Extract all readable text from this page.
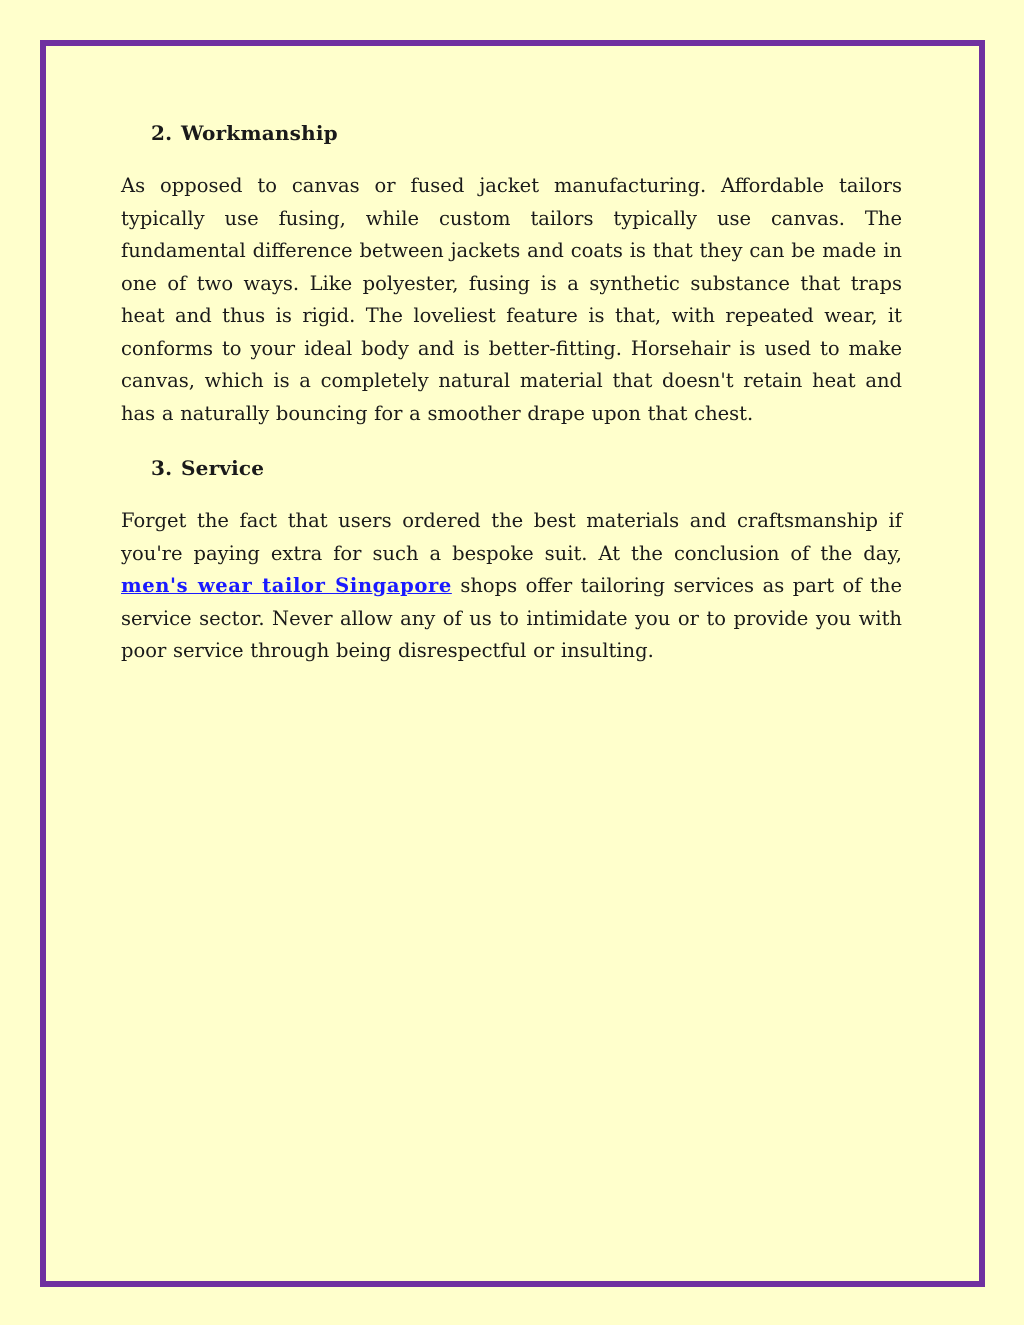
2. Workmanship

As opposed to canvas or fused jacket manufacturing. Affordable tailors typically use fusing, while custom tailors typically use canvas. The fundamental difference between jackets and coats is that they can be made in one of two ways. Like polyester, fusing is a synthetic substance that traps heat and thus is rigid. The loveliest feature is that, with repeated wear, it conforms to your ideal body and is better-fitting. Horsehair is used to make canvas, which is a completely natural material that doesn't retain heat and has a naturally bouncing for a smoother drape upon that chest.

3. Service

Forget the fact that users ordered the best materials and craftsmanship if you're paying extra for such a bespoke suit. At the conclusion of the day, men's wear tailor Singapore shops offer tailoring services as part of the service sector. Never allow any of us to intimidate you or to provide you with poor service through being disrespectful or insulting.
